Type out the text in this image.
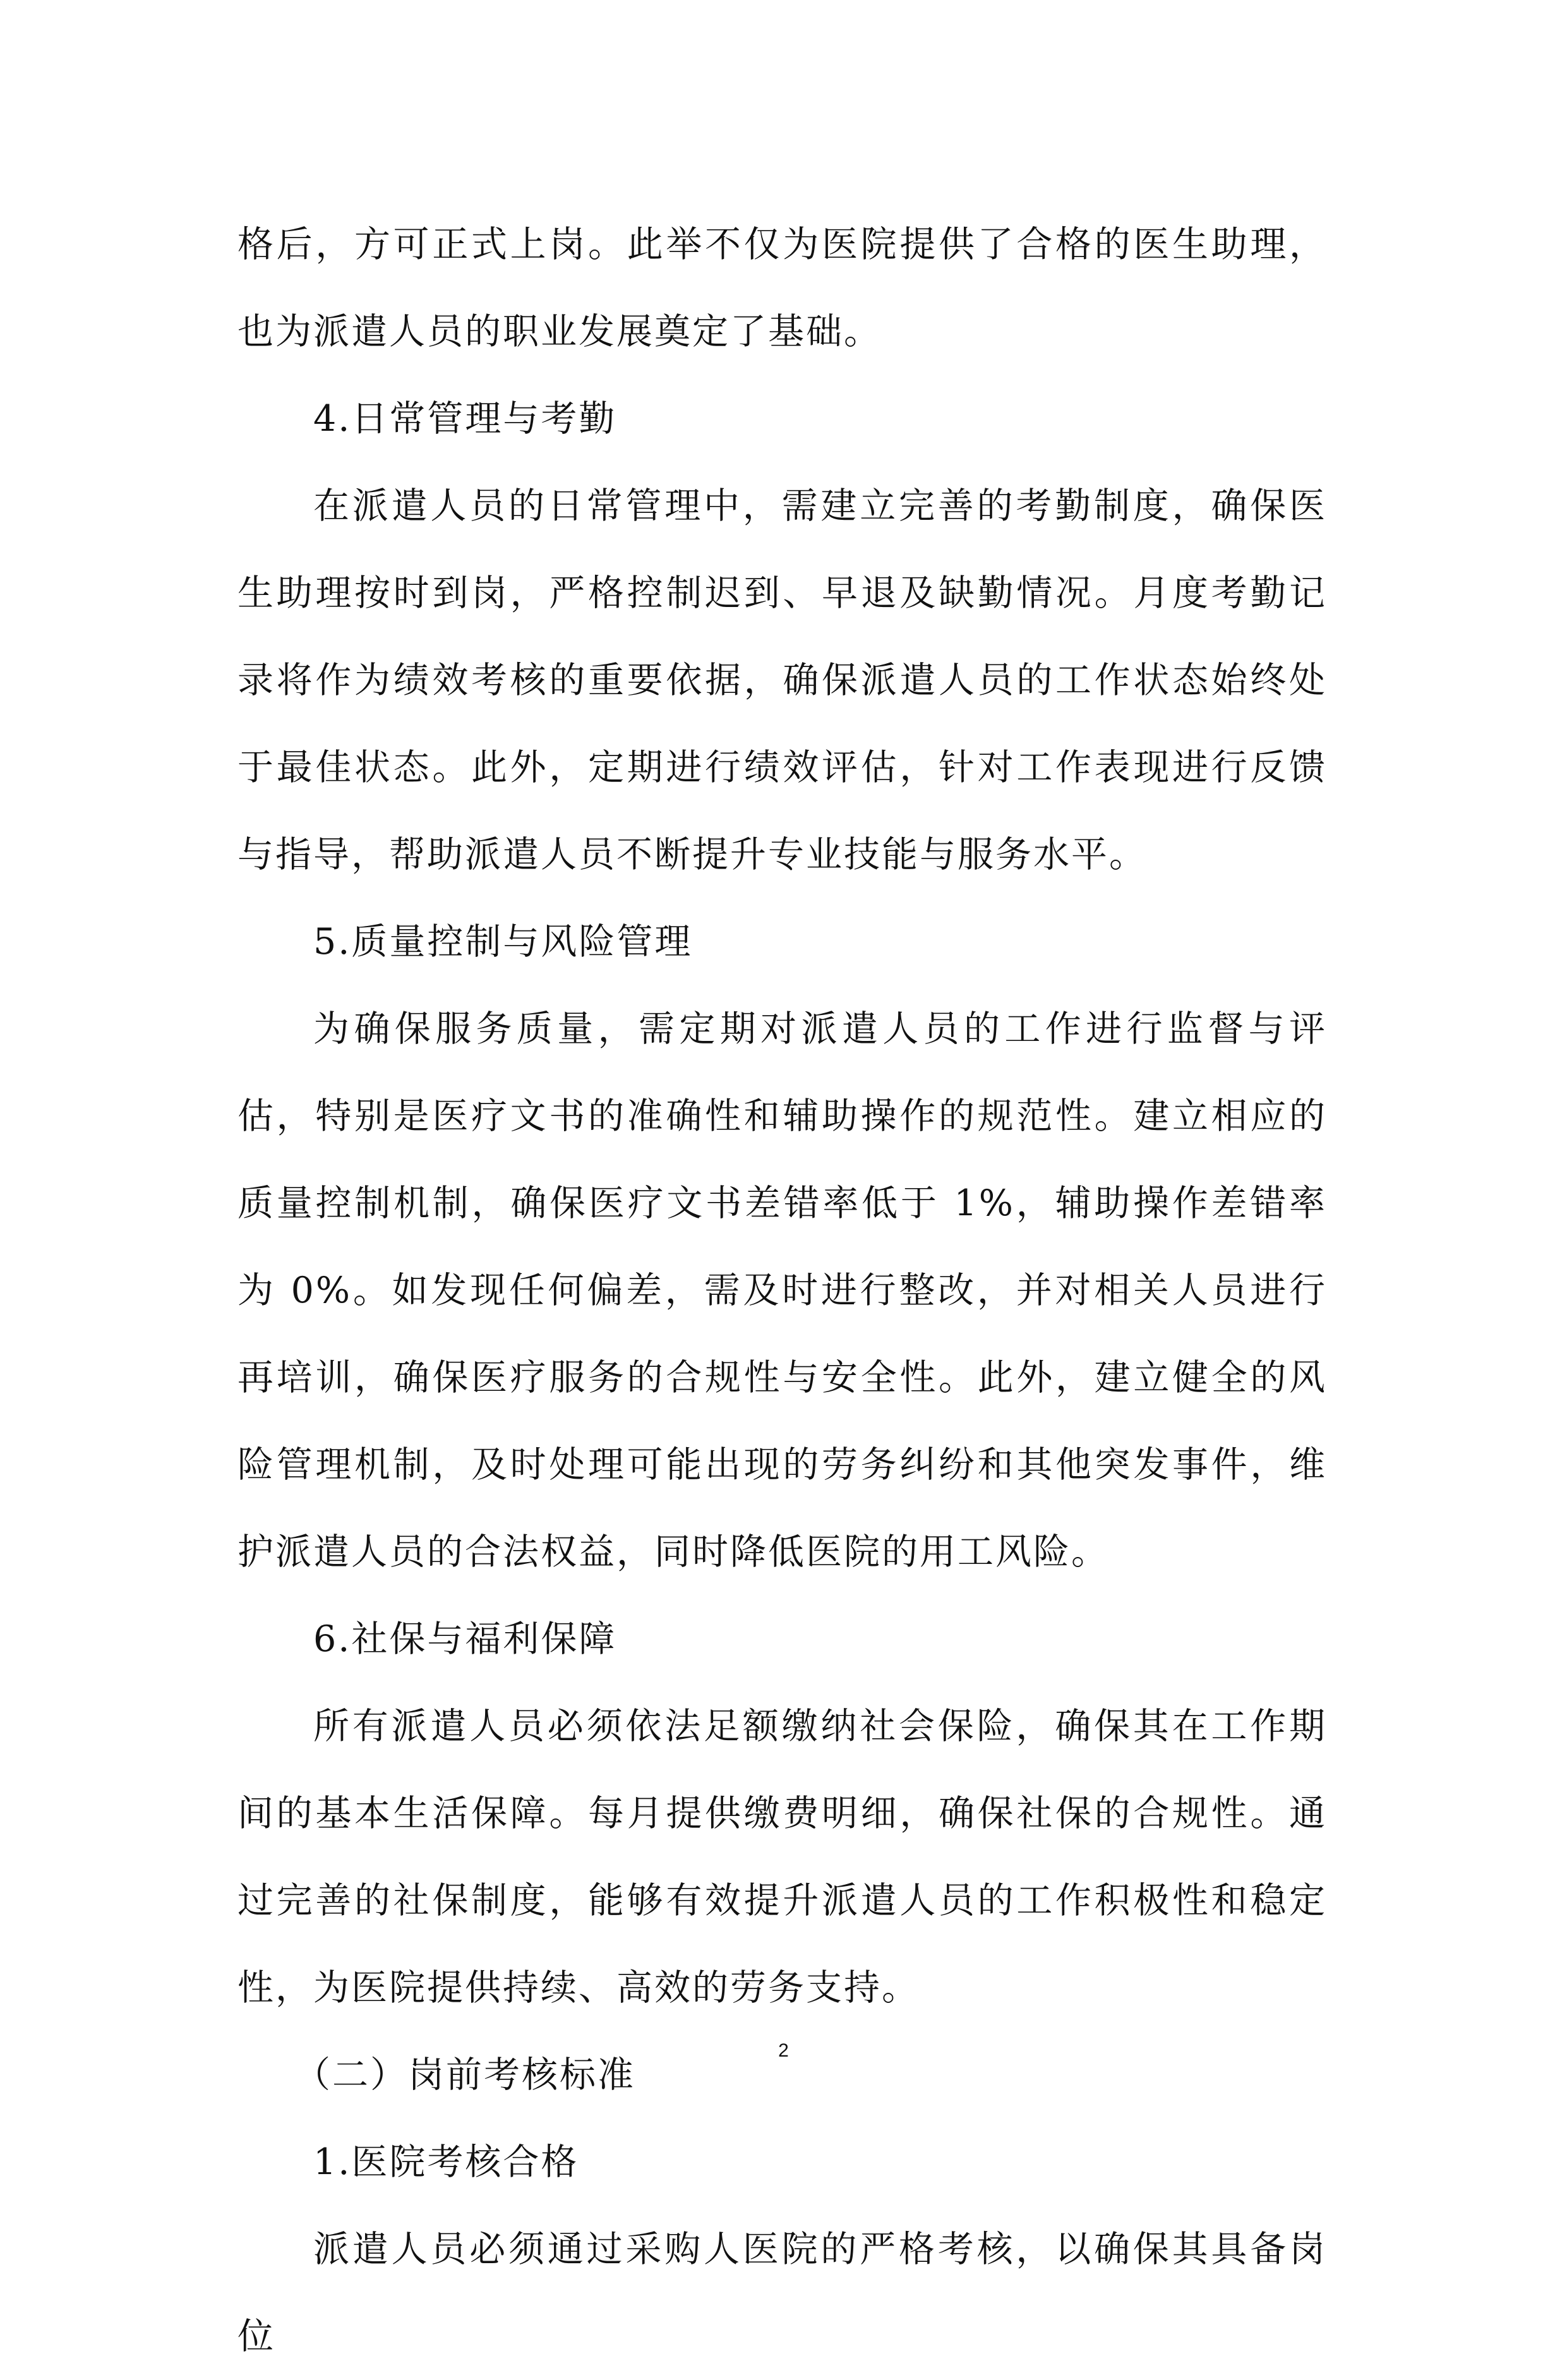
格后，方可正式上岗。此举不仅为医院提供了合格的医生助理，也为派遣人员的职业发展奠定了基础。

4.日常管理与考勤

在派遣人员的日常管理中，需建立完善的考勤制度，确保医生助理按时到岗，严格控制迟到、早退及缺勤情况。月度考勤记录将作为绩效考核的重要依据，确保派遣人员的工作状态始终处于最佳状态。此外，定期进行绩效评估，针对工作表现进行反馈与指导，帮助派遣人员不断提升专业技能与服务水平。

5.质量控制与风险管理

为确保服务质量，需定期对派遣人员的工作进行监督与评估，特别是医疗文书的准确性和辅助操作的规范性。建立相应的质量控制机制，确保医疗文书差错率低于 1%，辅助操作差错率为 0%。如发现任何偏差，需及时进行整改，并对相关人员进行再培训，确保医疗服务的合规性与安全性。此外，建立健全的风险管理机制，及时处理可能出现的劳务纠纷和其他突发事件，维护派遣人员的合法权益，同时降低医院的用工风险。

6.社保与福利保障

所有派遣人员必须依法足额缴纳社会保险，确保其在工作期间的基本生活保障。每月提供缴费明细，确保社保的合规性。通过完善的社保制度，能够有效提升派遣人员的工作积极性和稳定性，为医院提供持续、高效的劳务支持。

（二）岗前考核标准

1.医院考核合格

派遣人员必须通过采购人医院的严格考核，以确保其具备岗位

2
